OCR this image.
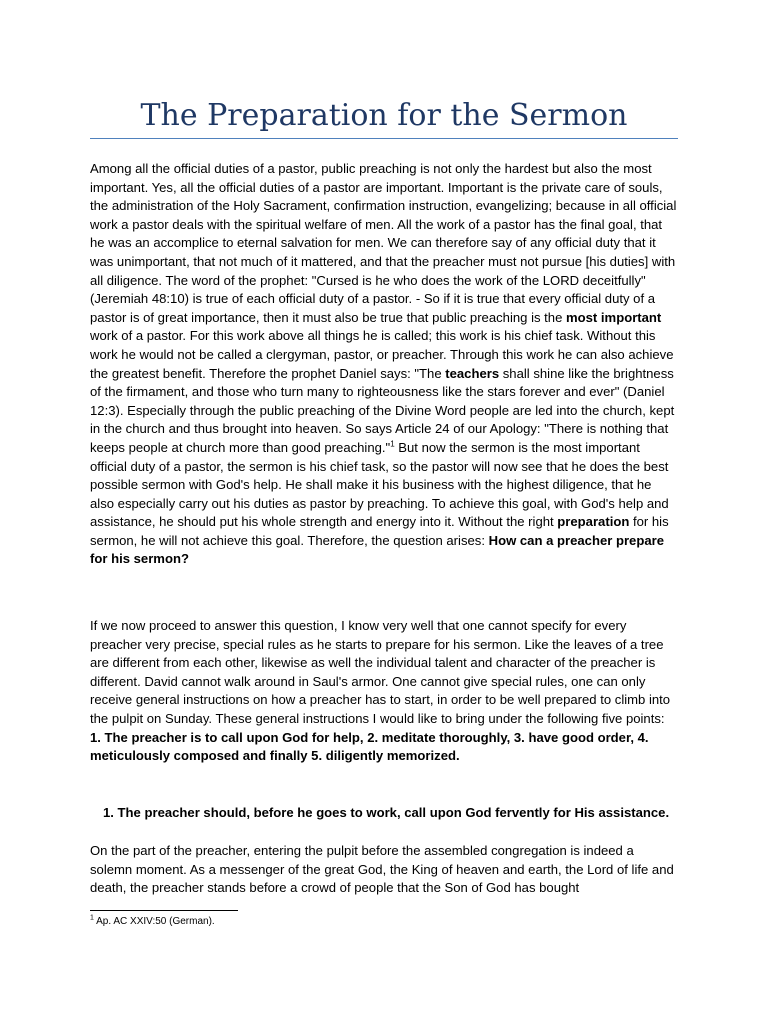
The Preparation for the Sermon

Among all the official duties of a pastor, public preaching is not only the hardest but also the most important. Yes, all the official duties of a pastor are important. Important is the private care of souls, the administration of the Holy Sacrament, confirmation instruction, evangelizing; because in all official work a pastor deals with the spiritual welfare of men. All the work of a pastor has the final goal, that he was an accomplice to eternal salvation for men. We can therefore say of any official duty that it was unimportant, that not much of it mattered, and that the preacher must not pursue [his duties] with all diligence. The word of the prophet: "Cursed is he who does the work of the LORD deceitfully" (Jeremiah 48:10) is true of each official duty of a pastor. - So if it is true that every official duty of a pastor is of great importance, then it must also be true that public preaching is the most important work of a pastor. For this work above all things he is called; this work is his chief task. Without this work he would not be called a clergyman, pastor, or preacher. Through this work he can also achieve the greatest benefit. Therefore the prophet Daniel says: "The teachers shall shine like the brightness of the firmament, and those who turn many to righteousness like the stars forever and ever" (Daniel 12:3). Especially through the public preaching of the Divine Word people are led into the church, kept in the church and thus brought into heaven. So says Article 24 of our Apology: "There is nothing that keeps people at church more than good preaching."$^1$ But now the sermon is the most important official duty of a pastor, the sermon is his chief task, so the pastor will now see that he does the best possible sermon with God's help. He shall make it his business with the highest diligence, that he also especially carry out his duties as pastor by preaching. To achieve this goal, with God's help and assistance, he should put his whole strength and energy into it. Without the right preparation for his sermon, he will not achieve this goal. Therefore, the question arises: How can a preacher prepare for his sermon?

If we now proceed to answer this question, I know very well that one cannot specify for every preacher very precise, special rules as he starts to prepare for his sermon. Like the leaves of a tree are different from each other, likewise as well the individual talent and character of the preacher is different. David cannot walk around in Saul's armor. One cannot give special rules, one can only receive general instructions on how a preacher has to start, in order to be well prepared to climb into the pulpit on Sunday. These general instructions I would like to bring under the following five points: 1. The preacher is to call upon God for help, 2. meditate thoroughly, 3. have good order, 4. meticulously composed and finally 5. diligently memorized.

1. The preacher should, before he goes to work, call upon God fervently for His assistance.

On the part of the preacher, entering the pulpit before the assembled congregation is indeed a solemn moment. As a messenger of the great God, the King of heaven and earth, the Lord of life and death, the preacher stands before a crowd of people that the Son of God has bought

$^1$ Ap. AC XXIV:50 (German).
